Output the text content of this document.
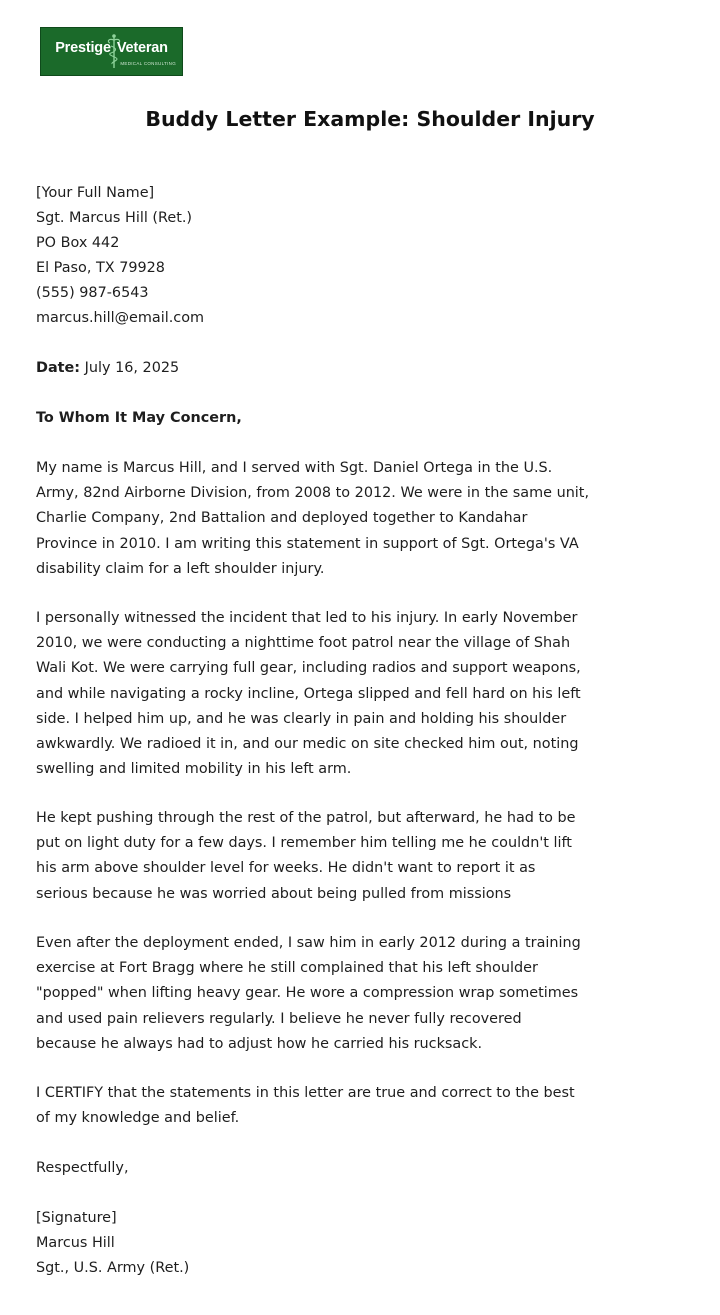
Prestige Veteran
MEDICAL CONSULTING
Buddy Letter Example: Shoulder Injury

[Your Full Name]

Sgt. Marcus Hill (Ret.)

PO Box 442

El Paso, TX 79928

(555) 987-6543

marcus.hill@email.com

Date: July 16, 2025

To Whom It May Concern,

My name is Marcus Hill, and I served with Sgt. Daniel Ortega in the U.S.
Army, 82nd Airborne Division, from 2008 to 2012. We were in the same unit,
Charlie Company, 2nd Battalion and deployed together to Kandahar
Province in 2010. I am writing this statement in support of Sgt. Ortega's VA
disability claim for a left shoulder injury.
I personally witnessed the incident that led to his injury. In early November
2010, we were conducting a nighttime foot patrol near the village of Shah
Wali Kot. We were carrying full gear, including radios and support weapons,
and while navigating a rocky incline, Ortega slipped and fell hard on his left
side. I helped him up, and he was clearly in pain and holding his shoulder
awkwardly. We radioed it in, and our medic on site checked him out, noting
swelling and limited mobility in his left arm.
He kept pushing through the rest of the patrol, but afterward, he had to be
put on light duty for a few days. I remember him telling me he couldn't lift
his arm above shoulder level for weeks. He didn't want to report it as
serious because he was worried about being pulled from missions
Even after the deployment ended, I saw him in early 2012 during a training
exercise at Fort Bragg where he still complained that his left shoulder
"popped" when lifting heavy gear. He wore a compression wrap sometimes
and used pain relievers regularly. I believe he never fully recovered
because he always had to adjust how he carried his rucksack.
I CERTIFY that the statements in this letter are true and correct to the best
of my knowledge and belief.

Respectfully,

[Signature]

Marcus Hill

Sgt., U.S. Army (Ret.)
